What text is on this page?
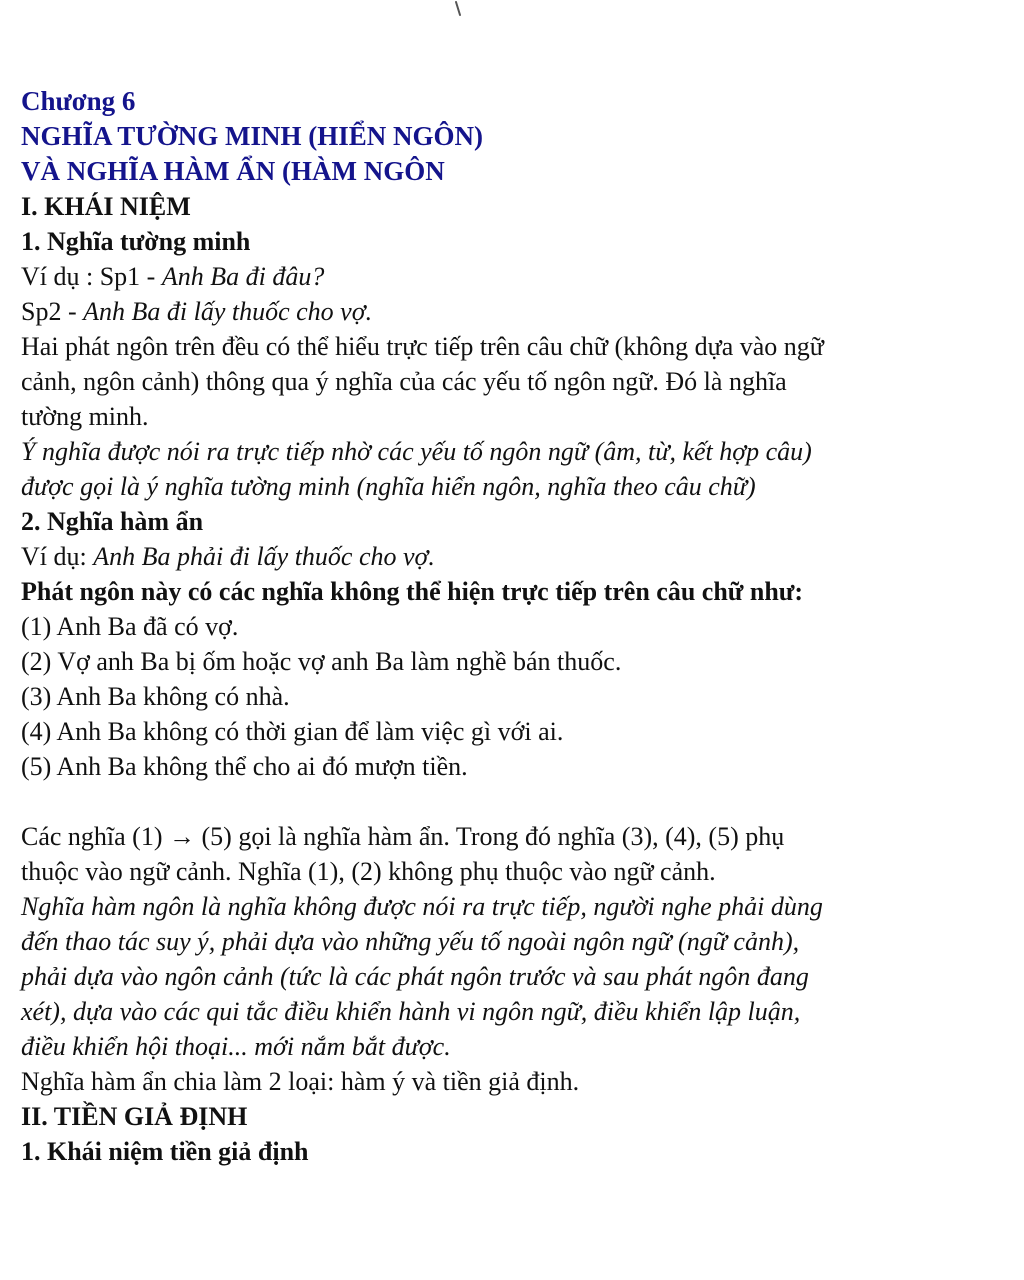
Chương 6
NGHĨA TƯỜNG MINH (HIỂN NGÔN)
VÀ NGHĨA HÀM ẨN (HÀM NGÔN
I. KHÁI NIỆM
1. Nghĩa tường minh
Ví dụ : Sp1 - Anh Ba đi đâu?
Sp2 - Anh Ba đi lấy thuốc cho vợ.
Hai phát ngôn trên đều có thể hiểu trực tiếp trên câu chữ (không dựa vào ngữ
cảnh, ngôn cảnh) thông qua ý nghĩa của các yếu tố ngôn ngữ. Đó là nghĩa
tường minh.
Ý nghĩa được nói ra trực tiếp nhờ các yếu tố ngôn ngữ (âm, từ, kết hợp câu)
được gọi là ý nghĩa tường minh (nghĩa hiển ngôn, nghĩa theo câu chữ)
2. Nghĩa hàm ẩn
Ví dụ: Anh Ba phải đi lấy thuốc cho vợ.
Phát ngôn này có các nghĩa không thể hiện trực tiếp trên câu chữ như:
(1) Anh Ba đã có vợ.
(2) Vợ anh Ba bị ốm hoặc vợ anh Ba làm nghề bán thuốc.
(3) Anh Ba không có nhà.
(4) Anh Ba không có thời gian để làm việc gì với ai.
(5) Anh Ba không thể cho ai đó mượn tiền.
Các nghĩa (1) → (5) gọi là nghĩa hàm ẩn. Trong đó nghĩa (3), (4), (5) phụ
thuộc vào ngữ cảnh. Nghĩa (1), (2) không phụ thuộc vào ngữ cảnh.
Nghĩa hàm ngôn là nghĩa không được nói ra trực tiếp, người nghe phải dùng
đến thao tác suy ý, phải dựa vào những yếu tố ngoài ngôn ngữ (ngữ cảnh),
phải dựa vào ngôn cảnh (tức là các phát ngôn trước và sau phát ngôn đang
xét), dựa vào các qui tắc điều khiển hành vi ngôn ngữ, điều khiển lập luận,
điều khiển hội thoại... mới nắm bắt được.
Nghĩa hàm ẩn chia làm 2 loại: hàm ý và tiền giả định.
II. TIỀN GIẢ ĐỊNH
1. Khái niệm tiền giả định
